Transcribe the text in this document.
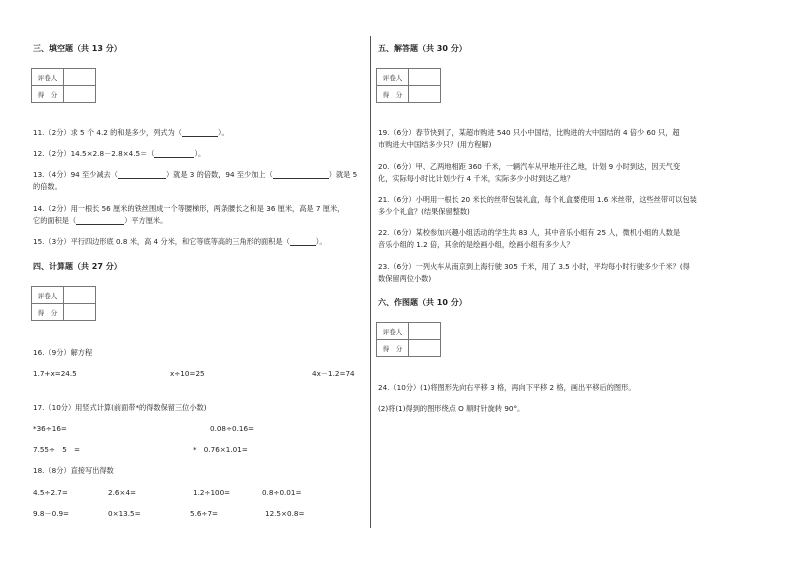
三、填空题（共 13 分）
评卷人	
得　分	
11.（2分）求 5 个 4.2 的和是多少，列式为（	）。
12.（2分）14.5×2.8－2.8×4.5＝（	）。
13.（4分）94 至少减去（	）就是 3 的倍数，94 至少加上（	）就是 5
的倍数。
14.（2分）用一根长 56 厘米的铁丝围成一个等腰梯形，两条腰长之和是 36 厘米，高是 7 厘米，
它的面积是（	）平方厘米。
15.（3分）平行四边形底 0.8 米，高 4 分米，和它等底等高的三角形的面积是（	）。
四、计算题（共 27 分）
评卷人	
得　分	
16.（9分）解方程
1.7+x=24.5	x÷10=25	4x－1.2=74
17.（10分）用竖式计算(前面带*的得数保留三位小数)
*36÷16=	0.08÷0.16=
7.55÷　5　=	*　0.76×1.01=
18.（8分）直接写出得数
4.5÷2.7=	2.6×4=	1.2÷100=	0.8÷0.01=
9.8－0.9=	0×13.5=	5.6÷7=	12.5×0.8=
五、解答题（共 30 分）
评卷人	
得　分	
19.（6分）春节快到了，某超市购进 540 只小中国结，比购进的大中国结的 4 倍少 60 只，超
市购进大中国结多少只？(用方程解)
20.（6分）甲、乙两地相距 360 千米，一辆汽车从甲地开往乙地，计划 9 小时到达，因天气变
化，实际每小时比计划少行 4 千米，实际多少小时到达乙地？
21.（6分）小明用一根长 20 米长的丝带包装礼盒，每个礼盒要使用 1.6 米丝带，这些丝带可以包装
多少个礼盒？(结果保留整数)
22.（6分）某校参加兴趣小组活动的学生共 83 人，其中音乐小组有 25 人，微机小组的人数是
音乐小组的 1.2 倍，其余的是绘画小组，绘画小组有多少人？
23.（6分）一列火车从南京到上海行驶 305 千米，用了 3.5 小时，平均每小时行驶多少千米？(得
数保留两位小数)
六、作图题（共 10 分）
评卷人	
得　分	
24.（10分）(1)将图形先向右平移 3 格，再向下平移 2 格，画出平移后的图形。
(2)将(1)得到的图形绕点 O 顺时针旋转 90°。
